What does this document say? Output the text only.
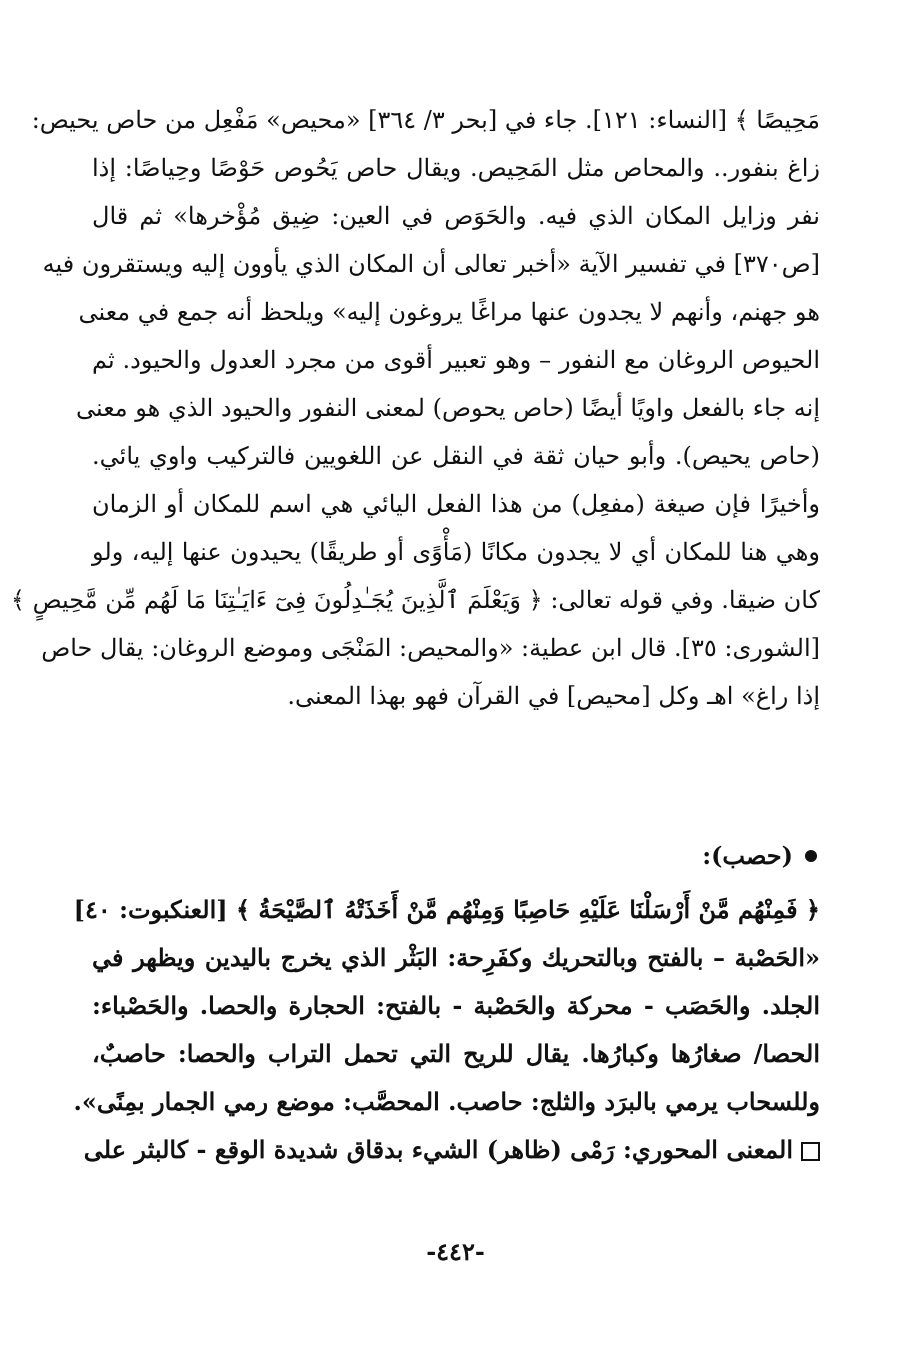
مَحِيصًا ﴾ [النساء: ١٢١]. جاء في [بحر ٣/ ٣٦٤] «محيص» مَفْعِل من حاص يحيص:
زاغ بنفور.. والمحاص مثل المَحِيص. ويقال حاص يَحُوص حَوْصًا وحِياصًا: إذا
نفر وزايل المكان الذي فيه. والحَوَص في العين: ضِيق مُؤْخرها» ثم قال
[ص٣٧٠] في تفسير الآية «أخبر تعالى أن المكان الذي يأوون إليه ويستقرون فيه
هو جهنم، وأنهم لا يجدون عنها مراغًا يروغون إليه» ويلحظ أنه جمع في معنى
الحيوص الروغان مع النفور – وهو تعبير أقوى من مجرد العدول والحيود. ثم
إنه جاء بالفعل واويًا أيضًا (حاص يحوص) لمعنى النفور والحيود الذي هو معنى
(حاص يحيص). وأبو حيان ثقة في النقل عن اللغويين فالتركيب واوي يائي.
وأخيرًا فإن صيغة (مفعِل) من هذا الفعل اليائي هي اسم للمكان أو الزمان
وهي هنا للمكان أي لا يجدون مكانًا (مَأْوًى أو طريقًا) يحيدون عنها إليه، ولو
كان ضيقا. وفي قوله تعالى: ﴿ وَيَعْلَمَ ٱلَّذِينَ يُجَـٰدِلُونَ فِىٓ ءَايَـٰتِنَا مَا لَهُم مِّن مَّحِيصٍ ﴾
[الشورى: ٣٥]. قال ابن عطية: «والمحيص: المَنْجَى وموضع الروغان: يقال حاص
إذا راغ» اهـ وكل [محيص] في القرآن فهو بهذا المعنى.
(حصب):
﴿ فَمِنْهُم مَّنْ أَرْسَلْنَا عَلَيْهِ حَاصِبًا وَمِنْهُم مَّنْ أَخَذَتْهُ ٱلصَّيْحَةُ ﴾ [العنكبوت: ٤٠]
«الحَصْبة – بالفتح وبالتحريك وكفَرِحة: البَثْر الذي يخرج باليدين ويظهر في
الجلد. والحَصَب - محركة والحَصْبة - بالفتح: الحجارة والحصا. والحَصْباء:
الحصا/ صغارُها وكبارُها. يقال للريح التي تحمل التراب والحصا: حاصبٌ،
وللسحاب يرمي بالبرَد والثلج: حاصب. المحصَّب: موضع رمي الجمار بمِنًى».
المعنى المحوري: رَمْى (ظاهر) الشيء بدقاق شديدة الوقع - كالبثر على
-٤٤٢-
